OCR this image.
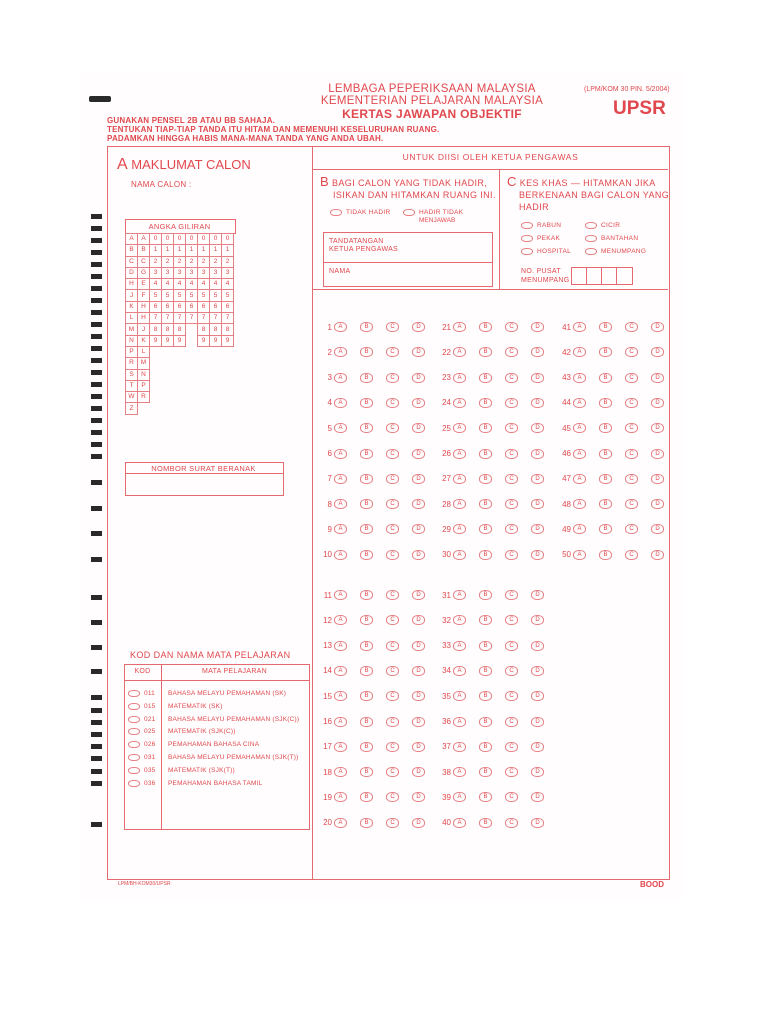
LEMBAGA PEPERIKSAAN MALAYSIA
KEMENTERIAN PELAJARAN MALAYSIA
KERTAS JAWAPAN OBJEKTIF
(LPM/KOM 30 PIN. 5/2004)
UPSR
GUNAKAN PENSEL 2B ATAU BB SAHAJA.
TENTUKAN TIAP-TIAP TANDA ITU HITAM DAN MEMENUHI KESELURUHAN RUANG.
PADAMKAN HINGGA HABIS MANA-MANA TANDA YANG ANDA UBAH.
A MAKLUMAT CALON
NAMA CALON :
ANGKA GILIRAN
A	A	0	0	0	0	0	0	0
B	B	1	1	1	1	1	1	1
C	C	2	2	2	2	2	2	2
D	G	3	3	3	3	3	3	3
H	E	4	4	4	4	4	4	4
J	F	5	5	5	5	5	5	5
K	H	6	6	6	6	6	6	6
L	H	7	7	7	7	7	7	7
M	J	8	8	8		8	8	8
N	K	9	9	9		9	9	9
P	L							
R	M							
S	N							
T	P							
W	R							
Z								
NOMBOR SURAT BERANAK
KOD DAN NAMA MATA PELAJARAN
KOD	MATA PELAJARAN
011	BAHASA MELAYU PEMAHAMAN (SK)
015	MATEMATIK (SK)
021	BAHASA MELAYU PEMAHAMAN (SJK(C))
025	MATEMATIK (SJK(C))
026	PEMAHAMAN BAHASA CINA
031	BAHASA MELAYU PEMAHAMAN (SJK(T))
035	MATEMATIK (SJK(T))
036	PEMAHAMAN BAHASA TAMIL
UNTUK DIISI OLEH KETUA PENGAWAS
B BAGI CALON YANG TIDAK HADIR,
ISIKAN DAN HITAMKAN RUANG INI.
TIDAK HADIR	HADIR TIDAK
MENJAWAB
TANDATANGAN
KETUA PENGAWAS
NAMA
C KES KHAS — HITAMKAN JIKA
BERKENAAN BAGI CALON YANG
HADIR
RABUN	CICIR
PEKAK	BANTAHAN
HOSPITAL	MENUMPANG
NO. PUSAT
MENUMPANG
1	A	B	C	D
2	A	B	C	D
3	A	B	C	D
4	A	B	C	D
5	A	B	C	D
6	A	B	C	D
7	A	B	C	D
8	A	B	C	D
9	A	B	C	D
10	A	B	C	D
11	A	B	C	D
12	A	B	C	D
13	A	B	C	D
14	A	B	C	D
15	A	B	C	D
16	A	B	C	D
17	A	B	C	D
18	A	B	C	D
19	A	B	C	D
20	A	B	C	D
21	A	B	C	D
22	A	B	C	D
23	A	B	C	D
24	A	B	C	D
25	A	B	C	D
26	A	B	C	D
27	A	B	C	D
28	A	B	C	D
29	A	B	C	D
30	A	B	C	D
31	A	B	C	D
32	A	B	C	D
33	A	B	C	D
34	A	B	C	D
35	A	B	C	D
36	A	B	C	D
37	A	B	C	D
38	A	B	C	D
39	A	B	C	D
40	A	B	C	D
41	A	B	C	D
42	A	B	C	D
43	A	B	C	D
44	A	B	C	D
45	A	B	C	D
46	A	B	C	D
47	A	B	C	D
48	A	B	C	D
49	A	B	C	D
50	A	B	C	D
LPM/BH-KOM30/UPSR	BOOD
